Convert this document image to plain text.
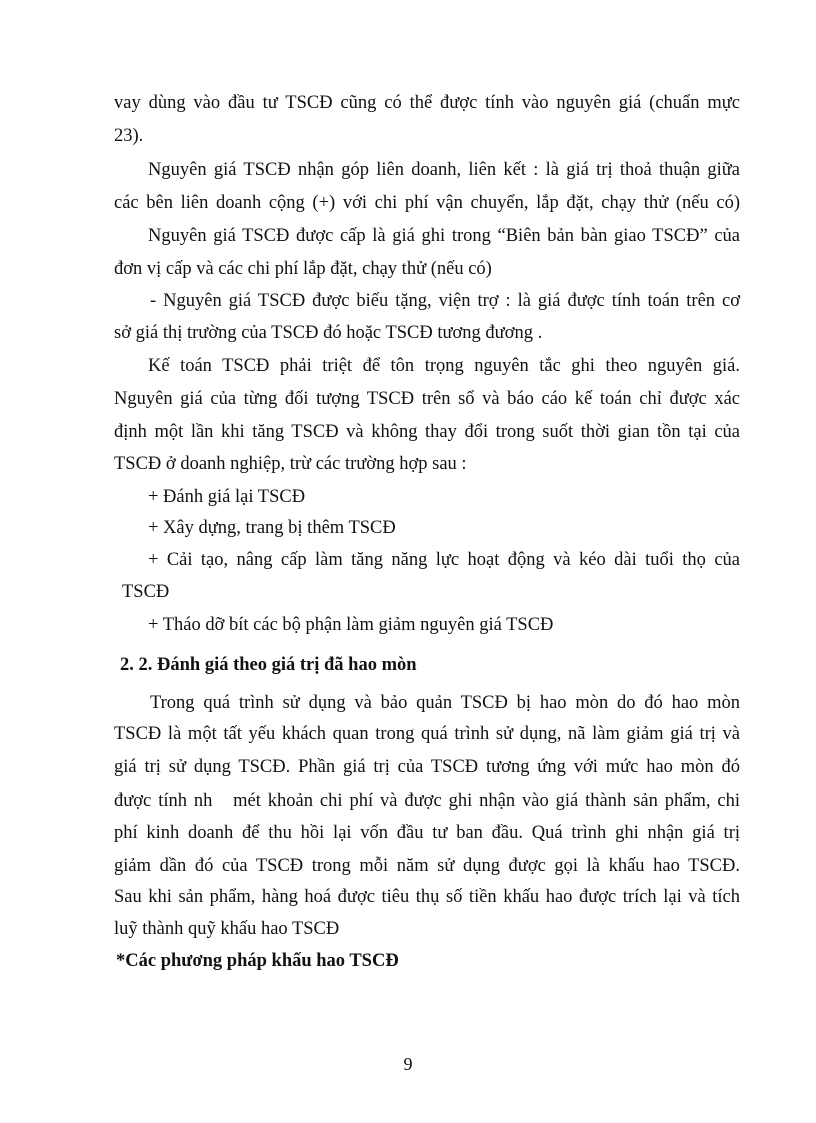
vay dùng vào đầu tư TSCĐ cũng có thể được tính vào nguyên giá (chuẩn mực
23).
Nguyên giá TSCĐ nhận góp liên doanh, liên kết : là giá trị thoả thuận giữa
các bên liên doanh cộng (+) với chi phí vận chuyển, lắp đặt, chạy thử (nếu có)
Nguyên giá TSCĐ được cấp là giá ghi trong “Biên bản bàn giao TSCĐ” của
đơn vị cấp và các chi phí lắp đặt, chạy thử (nếu có)
- Nguyên giá TSCĐ được biếu tặng, viện trợ : là giá được tính toán trên cơ
sở giá thị trường của TSCĐ đó hoặc TSCĐ tương đương .
Kế toán TSCĐ phải triệt để tôn trọng nguyên tắc ghi theo nguyên giá.
Nguyên giá của từng đối tượng TSCĐ trên sổ và báo cáo kế toán chỉ được xác
định một lần khi tăng TSCĐ và không thay đổi trong suốt thời gian tồn tại của
TSCĐ ở doanh nghiệp, trừ các trường hợp sau :
+ Đánh giá lại TSCĐ
+ Xây dựng, trang bị thêm TSCĐ
+ Cải tạo, nâng cấp làm tăng năng lực hoạt động và kéo dài tuổi thọ của
TSCĐ
+ Tháo dỡ bít các bộ phận làm giảm nguyên giá TSCĐ
2. 2. Đánh giá theo giá trị đã hao mòn
Trong quá trình sử dụng và bảo quản TSCĐ bị hao mòn do đó hao mòn
TSCĐ là một tất yếu khách quan trong quá trình sử dụng, nã làm giảm giá trị và
giá trị sử dụng TSCĐ. Phần giá trị của TSCĐ tương ứng với mức hao mòn đó
được tính nh   mét khoản chi phí và được ghi nhận vào giá thành sản phẩm, chi
phí kinh doanh để thu hồi lại vốn đầu tư ban đầu. Quá trình ghi nhận giá trị
giảm dần đó của TSCĐ trong mỗi năm sử dụng được gọi là khấu hao TSCĐ.
Sau khi sản phẩm, hàng hoá được tiêu thụ số tiền khấu hao được trích lại và tích
luỹ thành quỹ khấu hao TSCĐ
*Các phương pháp khấu hao TSCĐ
9
